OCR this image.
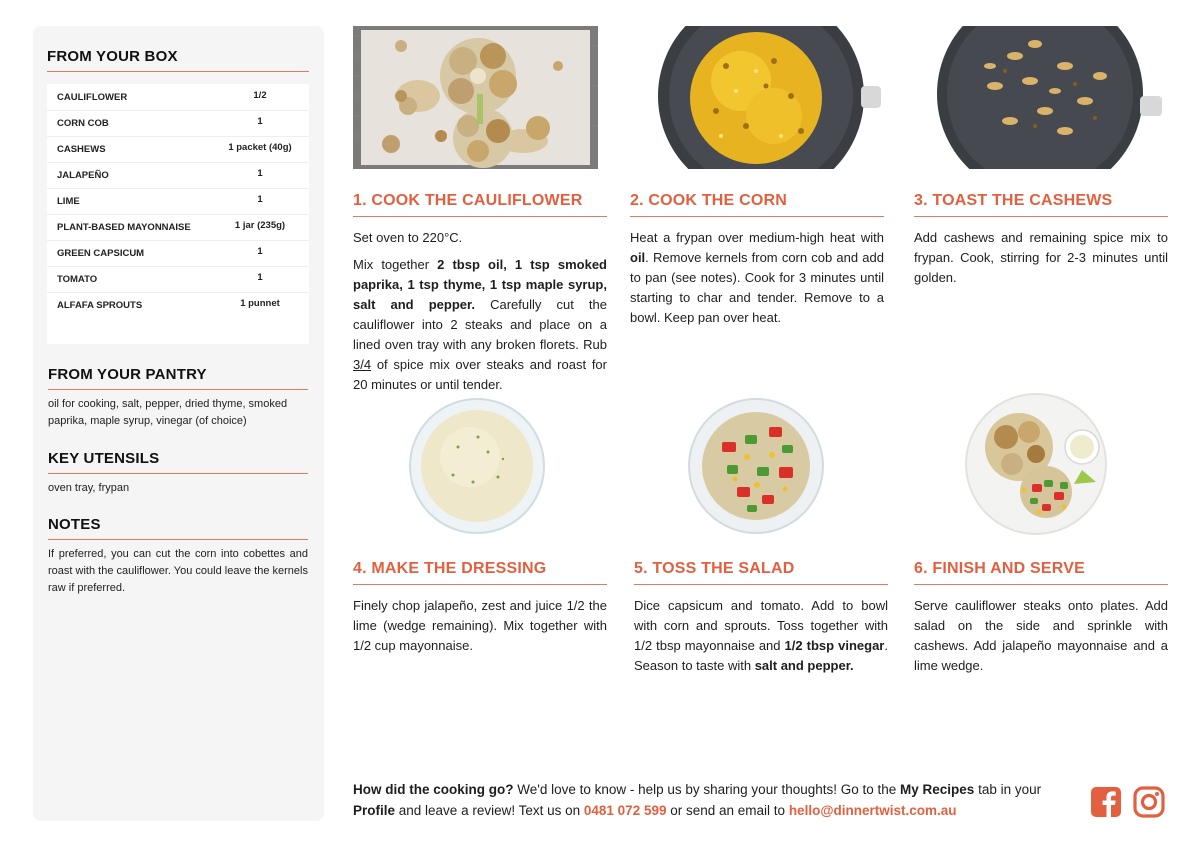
FROM YOUR BOX
CAULIFLOWER	1/2
CORN COB	1
CASHEWS	1 packet (40g)
JALAPEÑO	1
LIME	1
PLANT-BASED MAYONNAISE	1 jar (235g)
GREEN CAPSICUM	1
TOMATO	1
ALFAFA SPROUTS	1 punnet
FROM YOUR PANTRY
oil for cooking, salt, pepper, dried thyme, smoked paprika, maple syrup, vinegar (of choice)
KEY UTENSILS
oven tray, frypan
NOTES
If preferred, you can cut the corn into cobettes and roast with the cauliflower. You could leave the kernels raw if preferred.
1. COOK THE CAULIFLOWER
Set oven to 220°C.
Mix together 2 tbsp oil, 1 tsp smoked paprika, 1 tsp thyme, 1 tsp maple syrup, salt and pepper. Carefully cut the cauliflower into 2 steaks and place on a lined oven tray with any broken florets. Rub 3/4 of spice mix over steaks and roast for 20 minutes or until tender.
2. COOK THE CORN
Heat a frypan over medium-high heat with oil. Remove kernels from corn cob and add to pan (see notes). Cook for 3 minutes until starting to char and tender. Remove to a bowl. Keep pan over heat.
3. TOAST THE CASHEWS
Add cashews and remaining spice mix to frypan. Cook, stirring for 2-3 minutes until golden.
4. MAKE THE DRESSING
Finely chop jalapeño, zest and juice 1/2 the lime (wedge remaining). Mix together with 1/2 cup mayonnaise.
5. TOSS THE SALAD
Dice capsicum and tomato. Add to bowl with corn and sprouts. Toss together with 1/2 tbsp mayonnaise and 1/2 tbsp vinegar. Season to taste with salt and pepper.
6. FINISH AND SERVE
Serve cauliflower steaks onto plates. Add salad on the side and sprinkle with cashews. Add jalapeño mayonnaise and a lime wedge.
How did the cooking go? We'd love to know - help us by sharing your thoughts! Go to the My Recipes tab in your Profile and leave a review! Text us on 0481 072 599 or send an email to hello@dinnertwist.com.au
